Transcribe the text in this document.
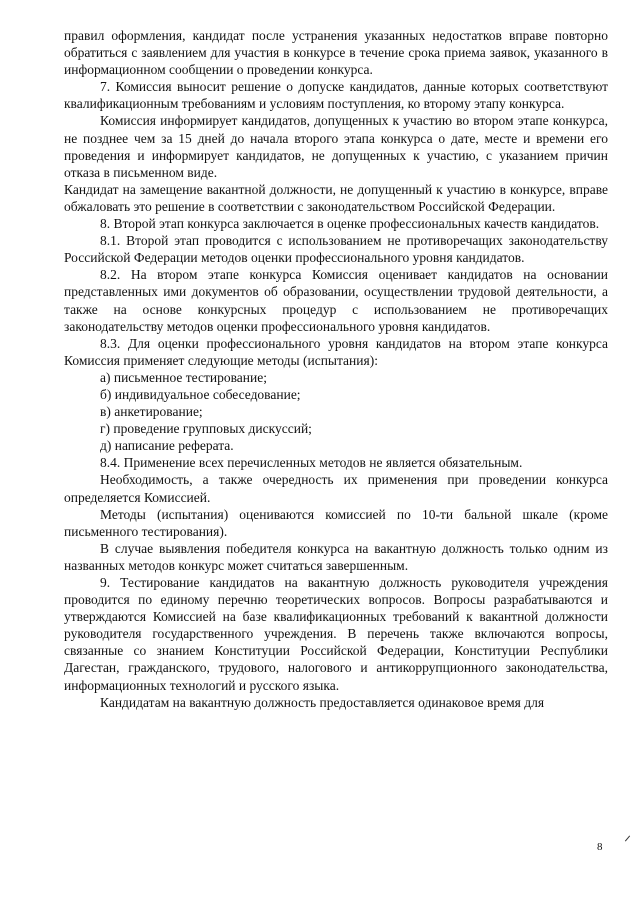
правил оформления, кандидат после устранения указанных недостатков вправе повторно обратиться с заявлением для участия в конкурсе в течение срока приема заявок, указанного в информационном сообщении о проведении конкурса.

7. Комиссия выносит решение о допуске кандидатов, данные которых соответствуют квалификационным требованиям и условиям поступления, ко второму этапу конкурса.

Комиссия информирует кандидатов, допущенных к участию во втором этапе конкурса, не позднее чем за 15 дней до начала второго этапа конкурса о дате, месте и времени его проведения и информирует кандидатов, не допущенных к участию, с указанием причин отказа в письменном виде.

Кандидат на замещение вакантной должности, не допущенный к участию в конкурсе, вправе обжаловать это решение в соответствии с законодательством Российской Федерации.

8. Второй этап конкурса заключается в оценке профессиональных качеств кандидатов.

8.1. Второй этап проводится с использованием не противоречащих законодательству Российской Федерации методов оценки профессионального уровня кандидатов.

8.2. На втором этапе конкурса Комиссия оценивает кандидатов на основании представленных ими документов об образовании, осуществлении трудовой деятельности, а также на основе конкурсных процедур с использованием не противоречащих законодательству методов оценки профессионального уровня кандидатов.

8.3. Для оценки профессионального уровня кандидатов на втором этапе конкурса Комиссия применяет следующие методы (испытания):

а) письменное тестирование;

б) индивидуальное собеседование;

в) анкетирование;

г) проведение групповых дискуссий;

д) написание реферата.

8.4. Применение всех перечисленных методов не является обязательным.

Необходимость, а также очередность их применения при проведении конкурса определяется Комиссией.

Методы (испытания) оцениваются комиссией по 10-ти бальной шкале (кроме письменного тестирования).

В случае выявления победителя конкурса на вакантную должность только одним из названных методов конкурс может считаться завершенным.

9. Тестирование кандидатов на вакантную должность руководителя учреждения проводится по единому перечню теоретических вопросов. Вопросы разрабатываются и утверждаются Комиссией на базе квалификационных требований к вакантной должности руководителя государственного учреждения. В перечень также включаются вопросы, связанные со знанием Конституции Российской Федерации, Конституции Республики Дагестан, гражданского, трудового, налогового и антикоррупционного законодательства, информационных технологий и русского языка.

Кандидатам на вакантную должность предоставляется одинаковое время для

8
